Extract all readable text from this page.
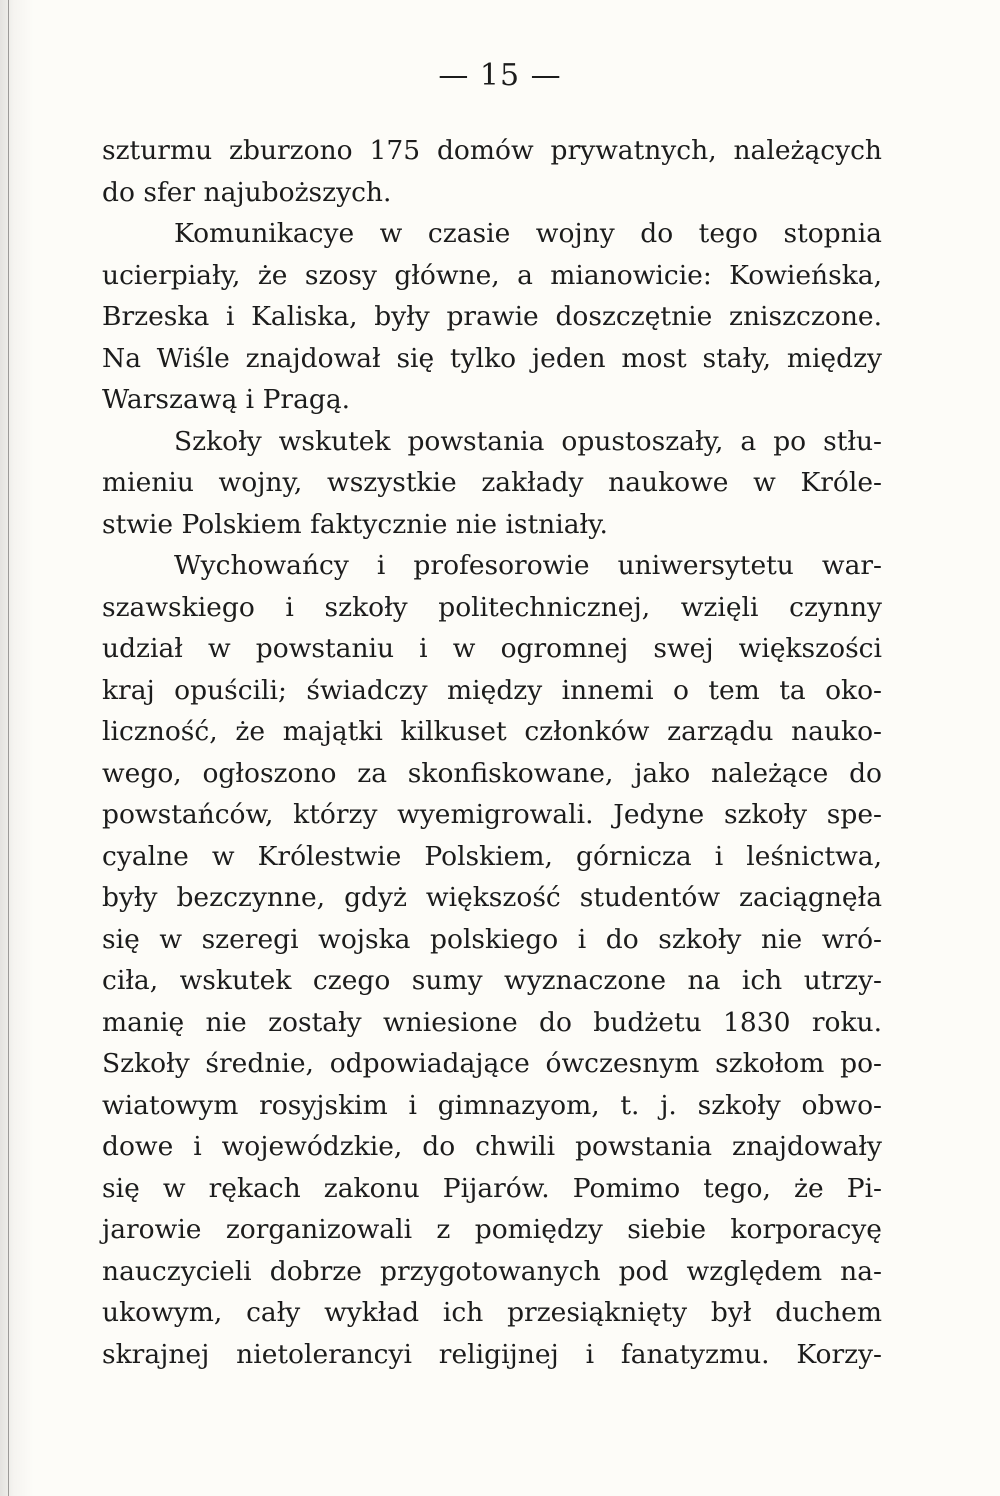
— 15 —
szturmu zburzono 175 domów prywatnych, należących
do sfer najuboższych.
Komunikacye w czasie wojny do tego stopnia
ucierpiały, że szosy główne, a mianowicie: Kowieńska,
Brzeska i Kaliska, były prawie doszczętnie zniszczone.
Na Wiśle znajdował się tylko jeden most stały, między
Warszawą i Pragą.
Szkoły wskutek powstania opustoszały, a po stłu-
mieniu wojny, wszystkie zakłady naukowe w Króle-
stwie Polskiem faktycznie nie istniały.
Wychowańcy i profesorowie uniwersytetu war-
szawskiego i szkoły politechnicznej, wzięli czynny
udział w powstaniu i w ogromnej swej większości
kraj opuścili; świadczy między innemi o tem ta oko-
liczność, że majątki kilkuset członków zarządu nauko-
wego, ogłoszono za skonfiskowane, jako należące do
powstańców, którzy wyemigrowali. Jedyne szkoły spe-
cyalne w Królestwie Polskiem, górnicza i leśnictwa,
były bezczynne, gdyż większość studentów zaciągnęła
się w szeregi wojska polskiego i do szkoły nie wró-
ciła, wskutek czego sumy wyznaczone na ich utrzy-
manię nie zostały wniesione do budżetu 1830 roku.
Szkoły średnie, odpowiadające ówczesnym szkołom po-
wiatowym rosyjskim i gimnazyom, t. j. szkoły obwo-
dowe i wojewódzkie, do chwili powstania znajdowały
się w rękach zakonu Pijarów. Pomimo tego, że Pi-
jarowie zorganizowali z pomiędzy siebie korporacyę
nauczycieli dobrze przygotowanych pod względem na-
ukowym, cały wykład ich przesiąknięty był duchem
skrajnej nietolerancyi religijnej i fanatyzmu. Korzy-
